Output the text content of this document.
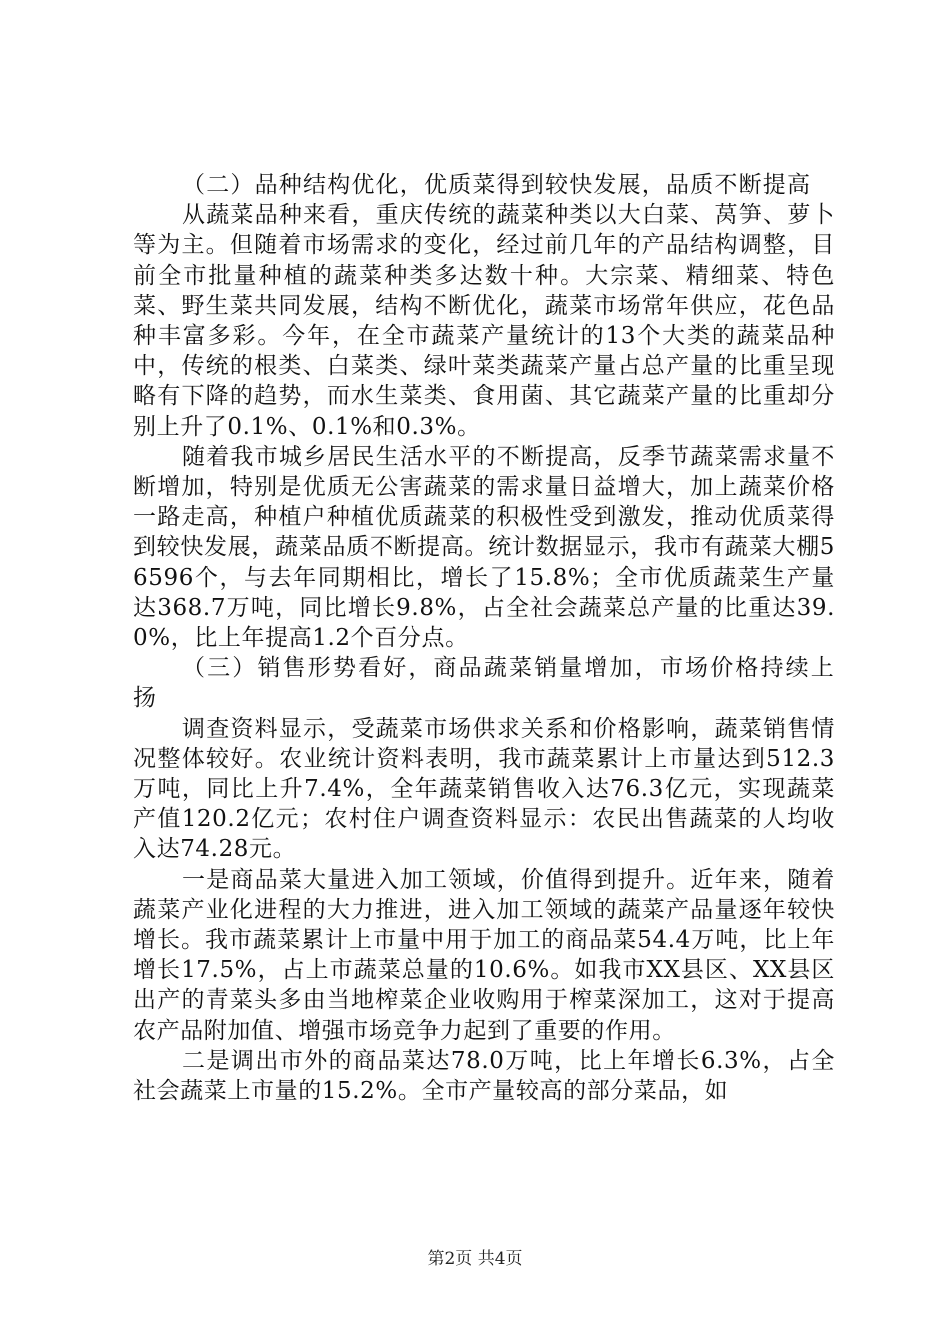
（二）品种结构优化，优质菜得到较快发展，品质不断提高

从蔬菜品种来看，重庆传统的蔬菜种类以大白菜、莴笋、萝卜等为主。但随着市场需求的变化，经过前几年的产品结构调整，目前全市批量种植的蔬菜种类多达数十种。大宗菜、精细菜、特色菜、野生菜共同发展，结构不断优化，蔬菜市场常年供应，花色品种丰富多彩。今年，在全市蔬菜产量统计的13个大类的蔬菜品种中，传统的根类、白菜类、绿叶菜类蔬菜产量占总产量的比重呈现略有下降的趋势，而水生菜类、食用菌、其它蔬菜产量的比重却分别上升了0.1%、0.1%和0.3%。

随着我市城乡居民生活水平的不断提高，反季节蔬菜需求量不断增加，特别是优质无公害蔬菜的需求量日益增大，加上蔬菜价格一路走高，种植户种植优质蔬菜的积极性受到激发，推动优质菜得到较快发展，蔬菜品质不断提高。统计数据显示，我市有蔬菜大棚56596个，与去年同期相比，增长了15.8%；全市优质蔬菜生产量达368.7万吨，同比增长9.8%，占全社会蔬菜总产量的比重达39.0%，比上年提高1.2个百分点。

（三）销售形势看好，商品蔬菜销量增加，市场价格持续上扬

调查资料显示，受蔬菜市场供求关系和价格影响，蔬菜销售情况整体较好。农业统计资料表明，我市蔬菜累计上市量达到512.3万吨，同比上升7.4%，全年蔬菜销售收入达76.3亿元，实现蔬菜产值120.2亿元；农村住户调查资料显示：农民出售蔬菜的人均收入达74.28元。

一是商品菜大量进入加工领域，价值得到提升。近年来，随着蔬菜产业化进程的大力推进，进入加工领域的蔬菜产品量逐年较快增长。我市蔬菜累计上市量中用于加工的商品菜54.4万吨，比上年增长17.5%，占上市蔬菜总量的10.6%。如我市XX县区、XX县区出产的青菜头多由当地榨菜企业收购用于榨菜深加工，这对于提高农产品附加值、增强市场竞争力起到了重要的作用。

二是调出市外的商品菜达78.0万吨，比上年增长6.3%，占全社会蔬菜上市量的15.2%。全市产量较高的部分菜品，如

第2页 共4页
